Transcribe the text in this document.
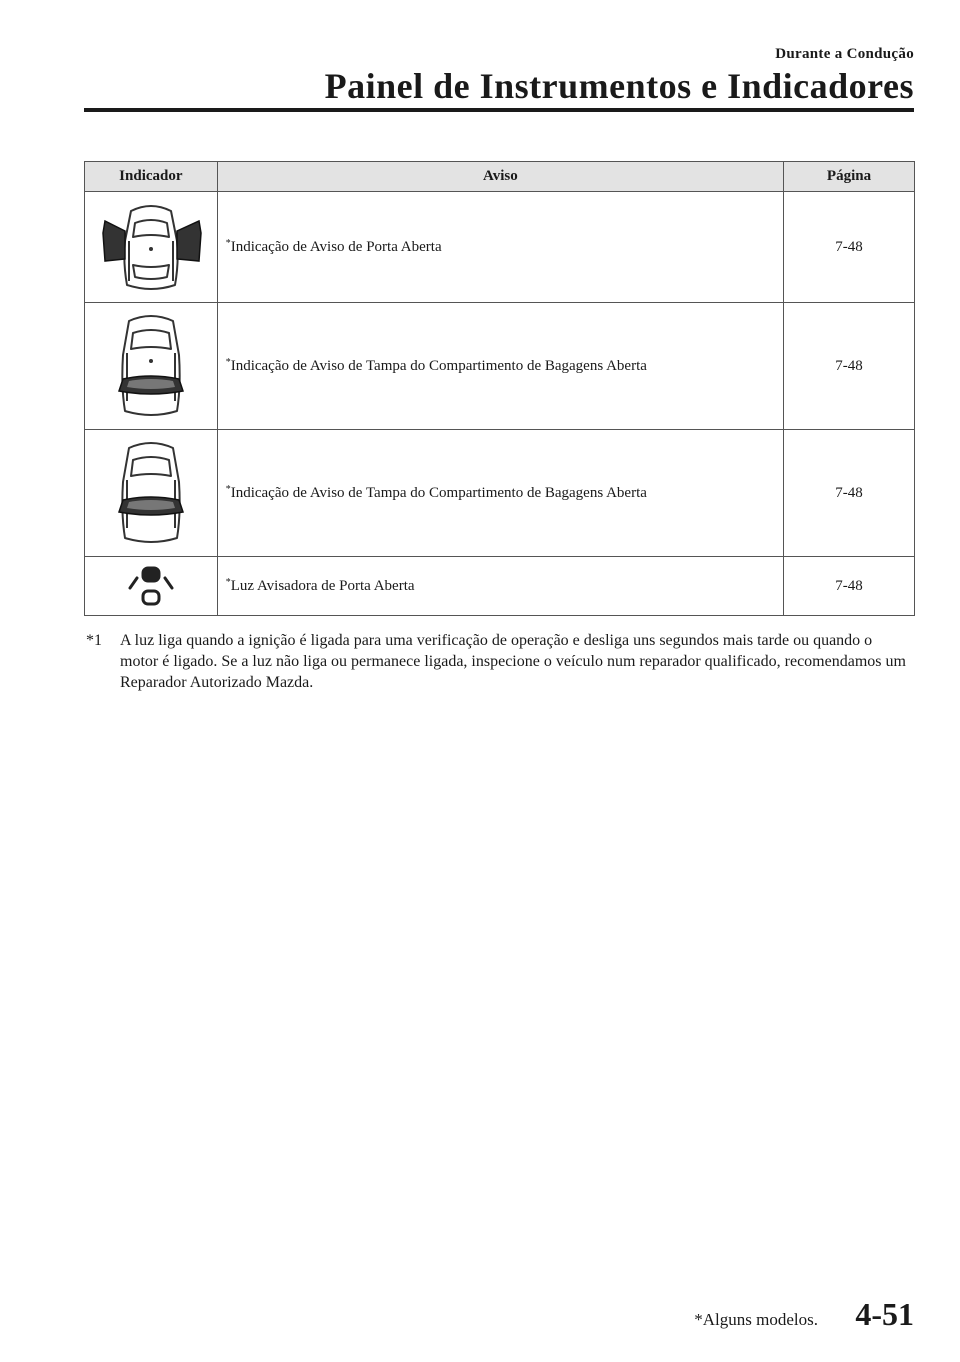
Durante a Condução
Painel de Instrumentos e Indicadores
Indicador	Aviso	Página
	*Indicação de Aviso de Porta Aberta	7-48
	*Indicação de Aviso de Tampa do Compartimento de Bagagens Aberta	7-48
	*Indicação de Aviso de Tampa do Compartimento de Bagagens Aberta	7-48
	*Luz Avisadora de Porta Aberta	7-48
*1 A luz liga quando a ignição é ligada para uma verificação de operação e desliga uns segundos mais tarde ou quando o motor é ligado. Se a luz não liga ou permanece ligada, inspecione o veículo num reparador qualificado, recomendamos um Reparador Autorizado Mazda.
*Alguns modelos. 4-51
